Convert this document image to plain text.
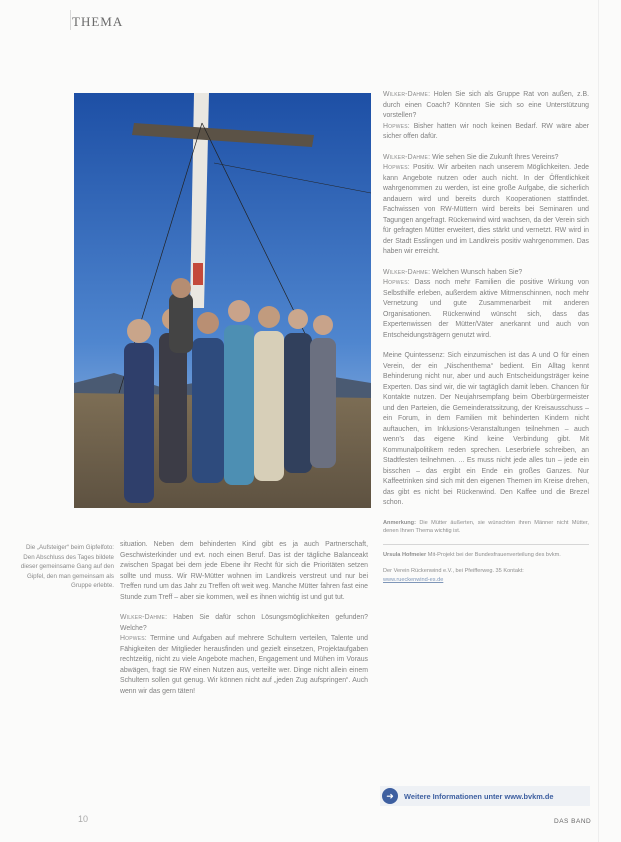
THEMA
Die „Aufsteiger“ beim Gipfelfoto: Den Abschluss des Tages bildete dieser gemeinsame Gang auf den Gipfel, den man gemeinsam als Gruppe erlebte.

situation. Neben dem behinderten Kind gibt es ja auch Partnerschaft, Geschwisterkinder und evt. noch einen Beruf. Das ist der tägliche Balanceakt zwischen Spagat bei dem jede Ebene ihr Recht für sich die Prioritäten setzen sollte und muss. Wir RW-Mütter wohnen im Landkreis verstreut und nur bei Treffen rund um das Jahr zu Treffen oft weit weg. Manche Mütter fahren fast eine Stunde zum Treff – aber sie kommen, weil es ihnen wichtig ist und gut tut.

Wilker-Dahme: Haben Sie dafür schon Lösungsmöglichkeiten gefunden? Welche?
Hopwes: Termine und Aufgaben auf mehrere Schultern verteilen, Talente und Fähigkeiten der Mitglieder herausfinden und gezielt einsetzen, Projektaufgaben rechtzeitig, nicht zu viele Angebote machen, Engagement und Mühen im Voraus abwägen, fragt sie RW einen Nutzen aus, verteilte wer. Dinge nicht allein einem Schultern sollen gut genug. Wir können nicht auf „jeden Zug aufspringen“. Auch wenn wir das gern täten!

Wilker-Dahme: Holen Sie sich als Gruppe Rat von außen, z.B. durch einen Coach? Könnten Sie sich so eine Unterstützung vorstellen?
Hopwes: Bisher hatten wir noch keinen Bedarf. RW wäre aber sicher offen dafür.

Wilker-Dahme: Wie sehen Sie die Zukunft Ihres Vereins?
Hopwes: Positiv. Wir arbeiten nach unserem Möglichkeiten. Jede kann Angebote nutzen oder auch nicht. In der Öffentlichkeit wahrgenommen zu werden, ist eine große Aufgabe, die sicherlich andauern wird und bereits durch Kooperationen stattfindet. Fachwissen von RW-Müttern wird bereits bei Seminaren und Tagungen angefragt. Rückenwind wird wachsen, da der Verein sich für gefragten Mütter erweitert, dies stärkt und vernetzt. RW wird in der Stadt Esslingen und im Landkreis positiv wahrgenommen. Das haben wir erreicht.

Wilker-Dahme: Welchen Wunsch haben Sie?
Hopwes: Dass noch mehr Familien die positive Wirkung von Selbsthilfe erleben, außerdem aktive Mitmenschinnen, noch mehr Vernetzung und gute Zusammenarbeit mit anderen Organisationen. Rückenwind wünscht sich, dass das Expertenwissen der Mütter/Väter anerkannt und auch von Entscheidungsträgern genutzt wird.

Meine Quintessenz: Sich einzumischen ist das A und O für einen Verein, der ein „Nischenthema“ bedient. Ein Alltag kennt Behinderung nicht nur, aber und auch Entscheidungsträger keine Experten. Das sind wir, die wir tagtäglich damit leben. Chancen für Kontakte nutzen. Der Neujahrsempfang beim Oberbürgermeister und den Parteien, die Gemeinderatssitzung, der Kreisausschuss – ein Forum, in dem Familien mit behinderten Kindern nicht auftauchen, im Inklusions-Veranstaltungen teilnehmen – auch wenn's das eigene Kind keine Verbindung gibt. Mit Kommunalpolitikern reden sprechen. Leserbriefe schreiben, an Stadtfesten teilnehmen. ... Es muss nicht jede alles tun – jede ein bisschen – das ergibt ein Ende ein großes Ganzes. Nur Kaffeetrinken sind sich mit den eigenen Themen im Kreise drehen, das gibt es nicht bei Rückenwind. Den Kaffee und die Brezel schon.

Anmerkung: Die Mütter äußerten, sie wünschten ihren Männer nicht Mütter, denen Ihnen Thema wichtig ist.
Ursula Hofmeier Mit-Projekt bei der Bundesfrauenverteilung des bvkm.
Der Verein Rückenwind e.V., bei Pfeifferweg. 35 Kontakt:
www.rueckenwind-es.de
➜	Weitere Informationen unter www.bvkm.de
10	DAS BAND
